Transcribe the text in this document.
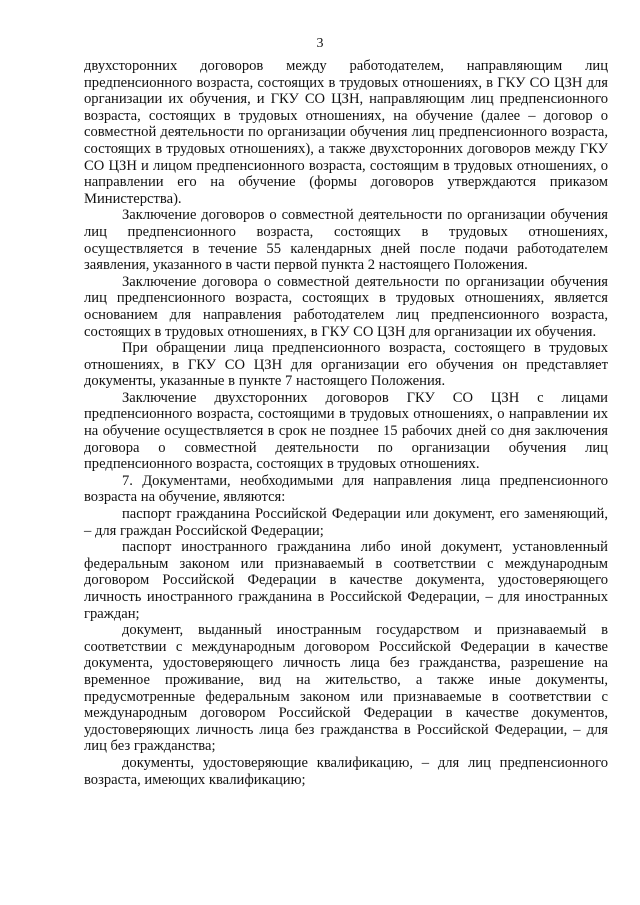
3

двухсторонних договоров между работодателем, направляющим лиц предпенсионного возраста, состоящих в трудовых отношениях, в ГКУ СО ЦЗН для организации их обучения, и ГКУ СО ЦЗН, направляющим лиц предпенсионного возраста, состоящих в трудовых отношениях, на обучение (далее – договор о совместной деятельности по организации обучения лиц предпенсионного возраста, состоящих в трудовых отношениях), а также двухсторонних договоров между ГКУ СО ЦЗН и лицом предпенсионного возраста, состоящим в трудовых отношениях, о направлении его на обучение (формы договоров утверждаются приказом Министерства).

Заключение договоров о совместной деятельности по организации обучения лиц предпенсионного возраста, состоящих в трудовых отношениях, осуществляется в течение 55 календарных дней после подачи работодателем заявления, указанного в части первой пункта 2 настоящего Положения.

Заключение договора о совместной деятельности по организации обучения лиц предпенсионного возраста, состоящих в трудовых отношениях, является основанием для направления работодателем лиц предпенсионного возраста, состоящих в трудовых отношениях, в ГКУ СО ЦЗН для организации их обучения.

При обращении лица предпенсионного возраста, состоящего в трудовых отношениях, в ГКУ СО ЦЗН для организации его обучения он представляет документы, указанные в пункте 7 настоящего Положения.

Заключение двухсторонних договоров ГКУ СО ЦЗН с лицами предпенсионного возраста, состоящими в трудовых отношениях, о направлении их на обучение осуществляется в срок не позднее 15 рабочих дней со дня заключения договора о совместной деятельности по организации обучения лиц предпенсионного возраста, состоящих в трудовых отношениях.

7. Документами, необходимыми для направления лица предпенсионного возраста на обучение, являются:

паспорт гражданина Российской Федерации или документ, его заменяющий, – для граждан Российской Федерации;

паспорт иностранного гражданина либо иной документ, установленный федеральным законом или признаваемый в соответствии с международным договором Российской Федерации в качестве документа, удостоверяющего личность иностранного гражданина в Российской Федерации, – для иностранных граждан;

документ, выданный иностранным государством и признаваемый в соответствии с международным договором Российской Федерации в качестве документа, удостоверяющего личность лица без гражданства, разрешение на временное проживание, вид на жительство, а также иные документы, предусмотренные федеральным законом или признаваемые в соответствии с международным договором Российской Федерации в качестве документов, удостоверяющих личность лица без гражданства в Российской Федерации, – для лиц без гражданства;

документы, удостоверяющие квалификацию, – для лиц предпенсионного возраста, имеющих квалификацию;
